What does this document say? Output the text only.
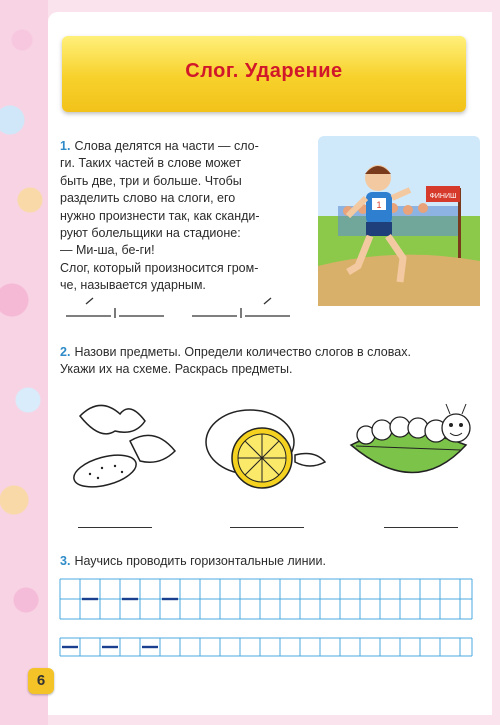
Слог. Ударение
1. Слова делятся на части — сло-
ги. Таких частей в слове может
быть две, три и больше. Чтобы
разделить слово на слоги, его
нужно произнести так, как сканди-
руют болельщики на стадионе:
— Ми-ша, бе-ги!
Слог, который произносится гром-
че, называется ударным.
ФИНИШ
1
2. Назови предметы. Определи количество слогов в словах.
Укажи их на схеме. Раскрась предметы.
3. Научись проводить горизонтальные линии.
6
